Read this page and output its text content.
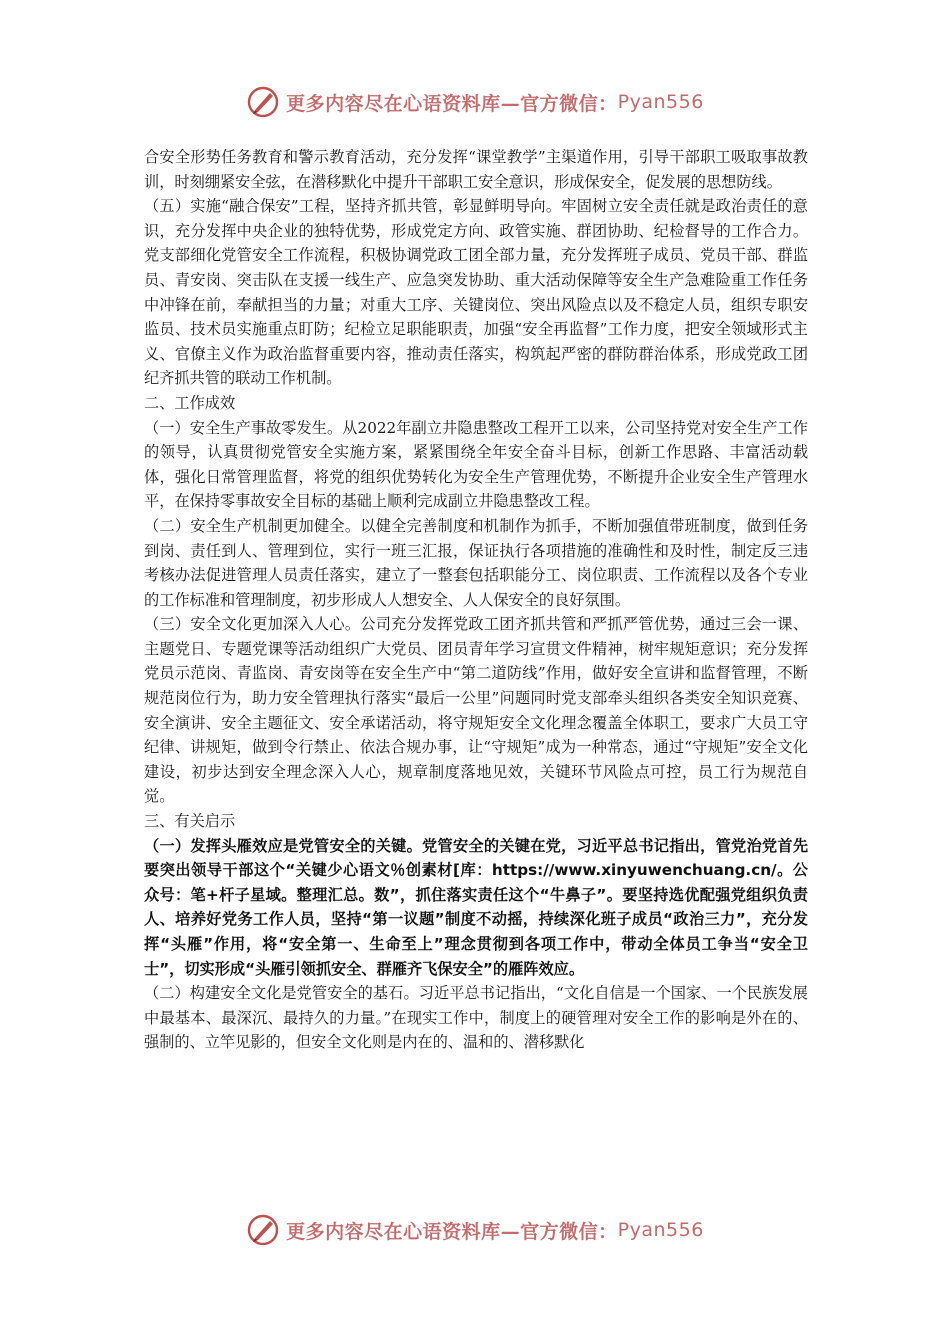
更多内容尽在心语资料库—官方微信： Pyan556

合安全形势任务教育和警示教育活动，充分发挥“课堂教学”主渠道作用，引导干部职工吸取事故教训，时刻绷紧安全弦，在潜移默化中提升干部职工安全意识，形成保安全，促发展的思想防线。

（五）实施“融合保安”工程，坚持齐抓共管，彰显鲜明导向。牢固树立安全责任就是政治责任的意识，充分发挥中央企业的独特优势，形成党定方向、政管实施、群团协助、纪检督导的工作合力。党支部细化党管安全工作流程，积极协调党政工团全部力量，充分发挥班子成员、党员干部、群监员、青安岗、突击队在支援一线生产、应急突发协助、重大活动保障等安全生产急难险重工作任务中冲锋在前，奉献担当的力量；对重大工序、关键岗位、突出风险点以及不稳定人员，组织专职安监员、技术员实施重点盯防；纪检立足职能职责，加强“安全再监督”工作力度，把安全领域形式主义、官僚主义作为政治监督重要内容，推动责任落实，构筑起严密的群防群治体系，形成党政工团纪齐抓共管的联动工作机制。

二、工作成效

（一）安全生产事故零发生。从2022年副立井隐患整改工程开工以来，公司坚持党对安全生产工作的领导，认真贯彻党管安全实施方案，紧紧围绕全年安全奋斗目标，创新工作思路、丰富活动载体，强化日常管理监督，将党的组织优势转化为安全生产管理优势，不断提升企业安全生产管理水平，在保持零事故安全目标的基础上顺利完成副立井隐患整改工程。

（二）安全生产机制更加健全。以健全完善制度和机制作为抓手，不断加强值带班制度，做到任务到岗、责任到人、管理到位，实行一班三汇报，保证执行各项措施的准确性和及时性，制定反三违考核办法促进管理人员责任落实，建立了一整套包括职能分工、岗位职责、工作流程以及各个专业的工作标准和管理制度，初步形成人人想安全、人人保安全的良好氛围。

（三）安全文化更加深入人心。公司充分发挥党政工团齐抓共管和严抓严管优势，通过三会一课、主题党日、专题党课等活动组织广大党员、团员青年学习宣贯文件精神，树牢规矩意识；充分发挥党员示范岗、青监岗、青安岗等在安全生产中“第二道防线”作用，做好安全宣讲和监督管理，不断规范岗位行为，助力安全管理执行落实“最后一公里”问题同时党支部牵头组织各类安全知识竞赛、安全演讲、安全主题征文、安全承诺活动，将守规矩安全文化理念覆盖全体职工，要求广大员工守纪律、讲规矩，做到令行禁止、依法合规办事，让“守规矩”成为一种常态，通过“守规矩”安全文化建设，初步达到安全理念深入人心，规章制度落地见效，关键环节风险点可控，员工行为规范自觉。

三、有关启示

（一）发挥头雁效应是党管安全的关键。党管安全的关键在党，习近平总书记指出，管党治党首先要突出领导干部这个“关键少心语文％创素材[库：https://www.xinyuwenchuang.cn/。公众号：笔+杆子星域。整理汇总。数”，抓住落实责任这个“牛鼻子”。要坚持选优配强党组织负责人、培养好党务工作人员，坚持“第一议题”制度不动摇，持续深化班子成员“政治三力”，充分发挥“头雁”作用，将“安全第一、生命至上”理念贯彻到各项工作中，带动全体员工争当“安全卫士”，切实形成“头雁引领抓安全、群雁齐飞保安全”的雁阵效应。

（二）构建安全文化是党管安全的基石。习近平总书记指出，“文化自信是一个国家、一个民族发展中最基本、最深沉、最持久的力量。”在现实工作中，制度上的硬管理对安全工作的影响是外在的、强制的、立竿见影的，但安全文化则是内在的、温和的、潜移默化

更多内容尽在心语资料库—官方微信： Pyan556
